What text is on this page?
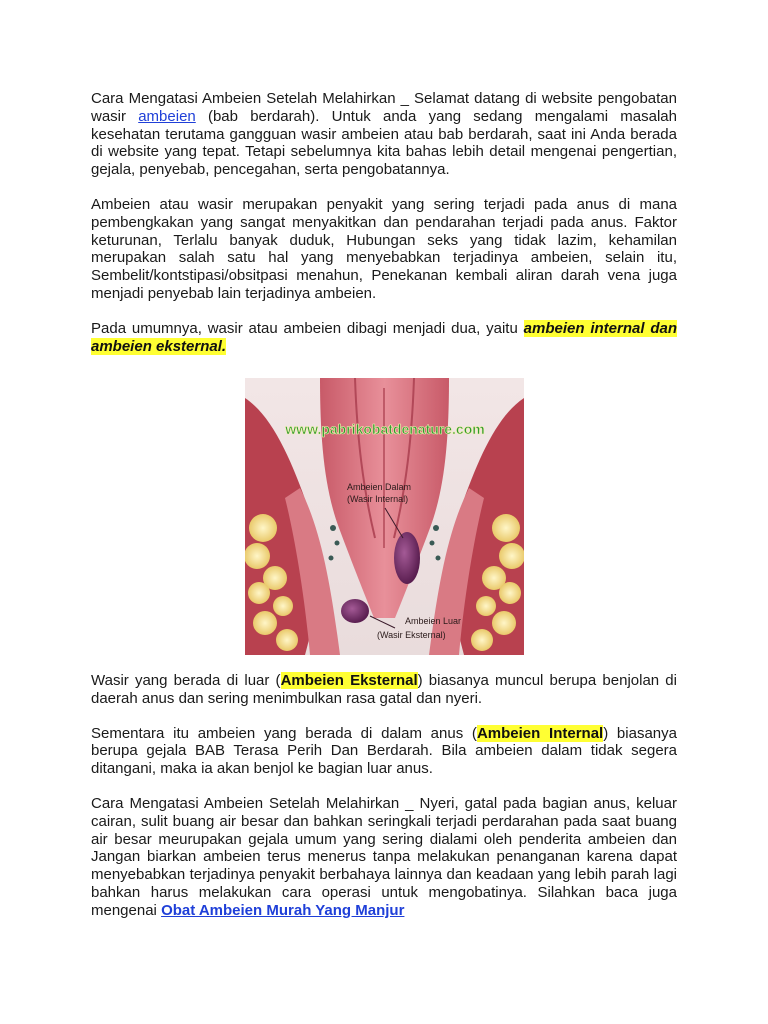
Cara Mengatasi Ambeien Setelah Melahirkan _ Selamat datang di website pengobatan wasir ambeien (bab berdarah). Untuk anda yang sedang mengalami masalah kesehatan terutama gangguan wasir ambeien atau bab berdarah, saat ini Anda berada di website yang tepat. Tetapi sebelumnya kita bahas lebih detail mengenai pengertian, gejala, penyebab, pencegahan, serta pengobatannya.

Ambeien atau wasir merupakan penyakit yang sering terjadi pada anus di mana pembengkakan yang sangat menyakitkan dan pendarahan terjadi pada anus. Faktor keturunan, Terlalu banyak duduk, Hubungan seks yang tidak lazim, kehamilan merupakan salah satu hal yang menyebabkan terjadinya ambeien, selain itu, Sembelit/kontstipasi/obsitpasi menahun, Penekanan kembali aliran darah vena juga menjadi penyebab lain terjadinya ambeien.

Pada umumnya, wasir atau ambeien dibagi menjadi dua, yaitu ambeien internal dan ambeien eksternal.

www.pabrikobatdenature.com
Ambeien Dalam
(Wasir Internal)
Ambeien Luar
(Wasir Eksternal)

Wasir yang berada di luar (Ambeien Eksternal) biasanya muncul berupa benjolan di daerah anus dan sering menimbulkan rasa gatal dan nyeri.

Sementara itu ambeien yang berada di dalam anus (Ambeien Internal) biasanya berupa gejala BAB Terasa Perih Dan Berdarah. Bila ambeien dalam tidak segera ditangani, maka ia akan benjol ke bagian luar anus.

Cara Mengatasi Ambeien Setelah Melahirkan _ Nyeri, gatal pada bagian anus, keluar cairan, sulit buang air besar dan bahkan seringkali terjadi perdarahan pada saat buang air besar meurupakan gejala umum yang sering dialami oleh penderita ambeien dan Jangan biarkan ambeien terus menerus tanpa melakukan penanganan karena dapat menyebabkan terjadinya penyakit berbahaya lainnya dan keadaan yang lebih parah lagi bahkan harus melakukan cara operasi untuk mengobatinya. Silahkan baca juga mengenai Obat Ambeien Murah Yang Manjur
